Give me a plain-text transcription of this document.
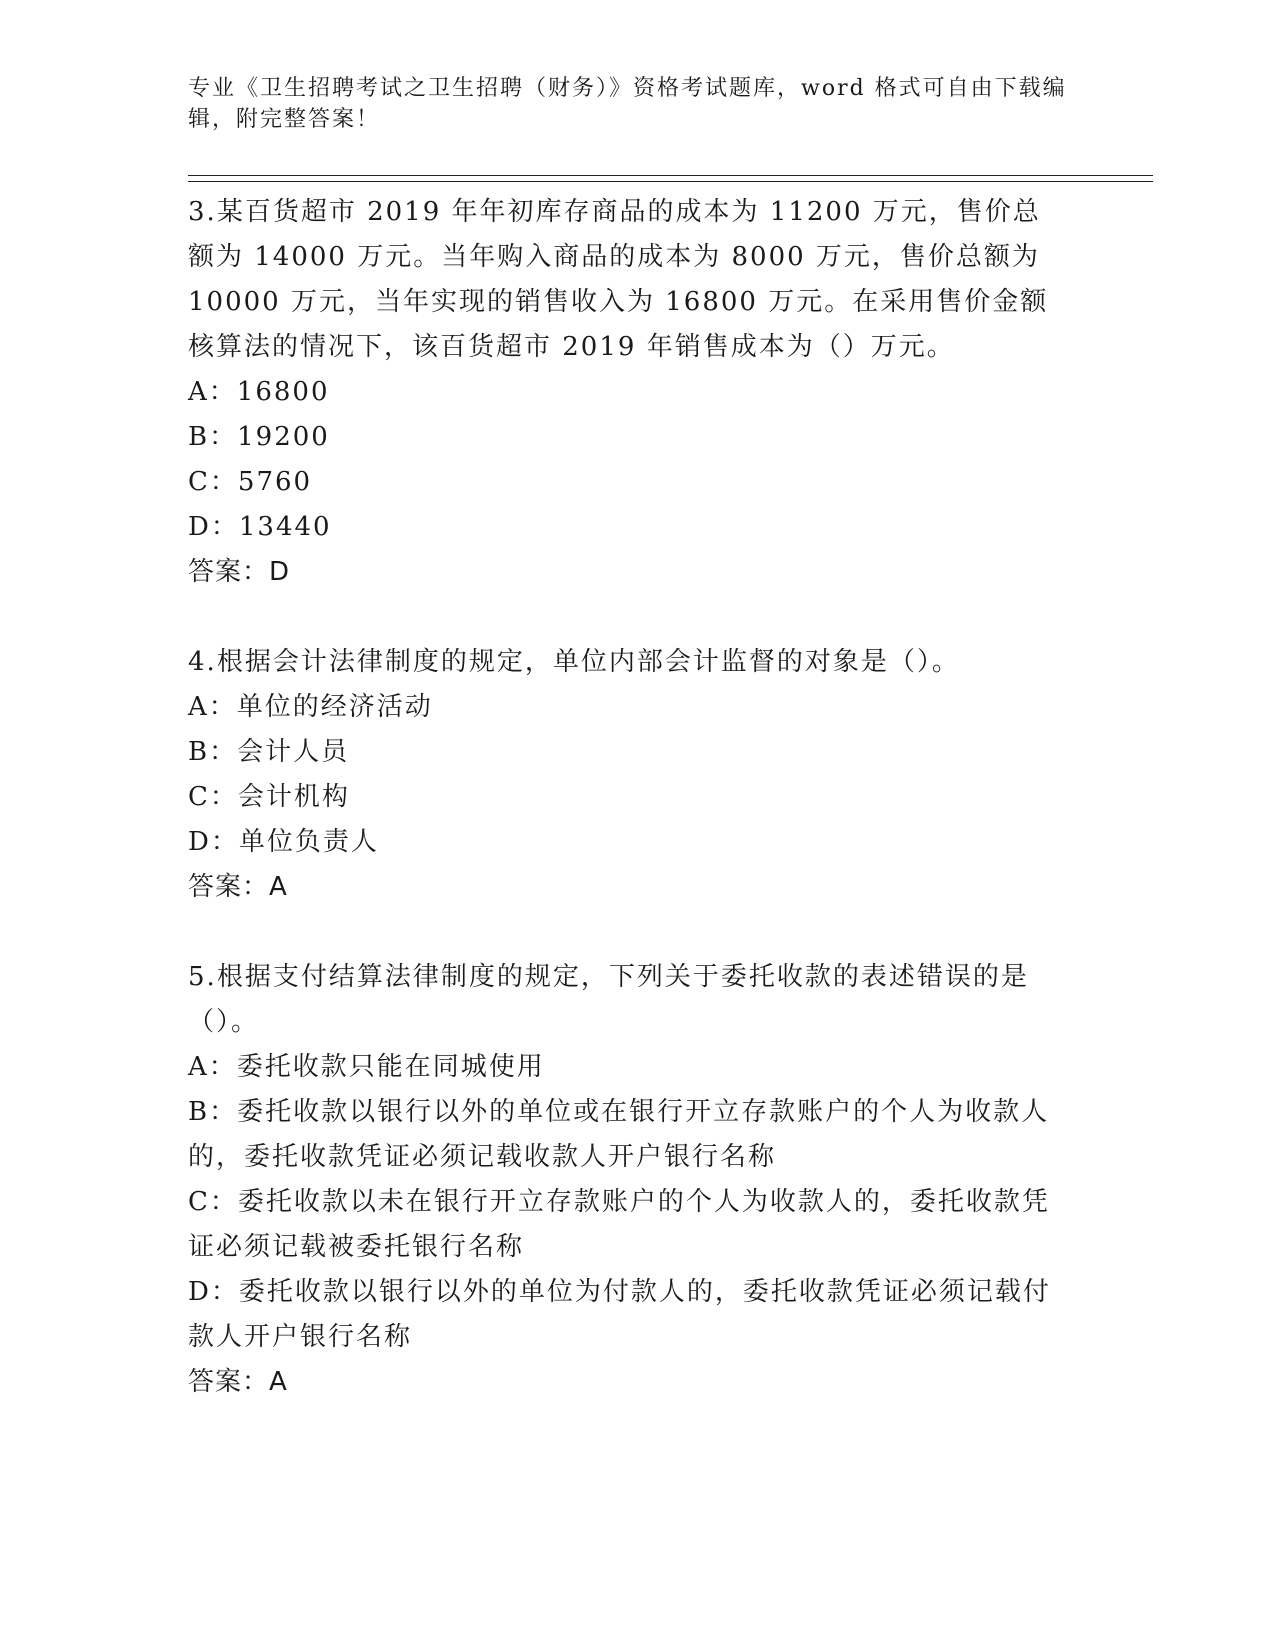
专业《卫生招聘考试之卫生招聘（财务）》资格考试题库，word 格式可自由下载编辑，附完整答案！

3.某百货超市 2019 年年初库存商品的成本为 11200 万元，售价总额为 14000 万元。当年购入商品的成本为 8000 万元，售价总额为 10000 万元，当年实现的销售收入为 16800 万元。在采用售价金额核算法的情况下，该百货超市 2019 年销售成本为（）万元。

A：16800

B：19200

C：5760

D：13440

答案：D

4.根据会计法律制度的规定，单位内部会计监督的对象是（）。

A：单位的经济活动

B：会计人员

C：会计机构

D：单位负责人

答案：A

5.根据支付结算法律制度的规定，下列关于委托收款的表述错误的是（）。

A：委托收款只能在同城使用

B：委托收款以银行以外的单位或在银行开立存款账户的个人为收款人的，委托收款凭证必须记载收款人开户银行名称

C：委托收款以未在银行开立存款账户的个人为收款人的，委托收款凭证必须记载被委托银行名称

D：委托收款以银行以外的单位为付款人的，委托收款凭证必须记载付款人开户银行名称

答案：A
